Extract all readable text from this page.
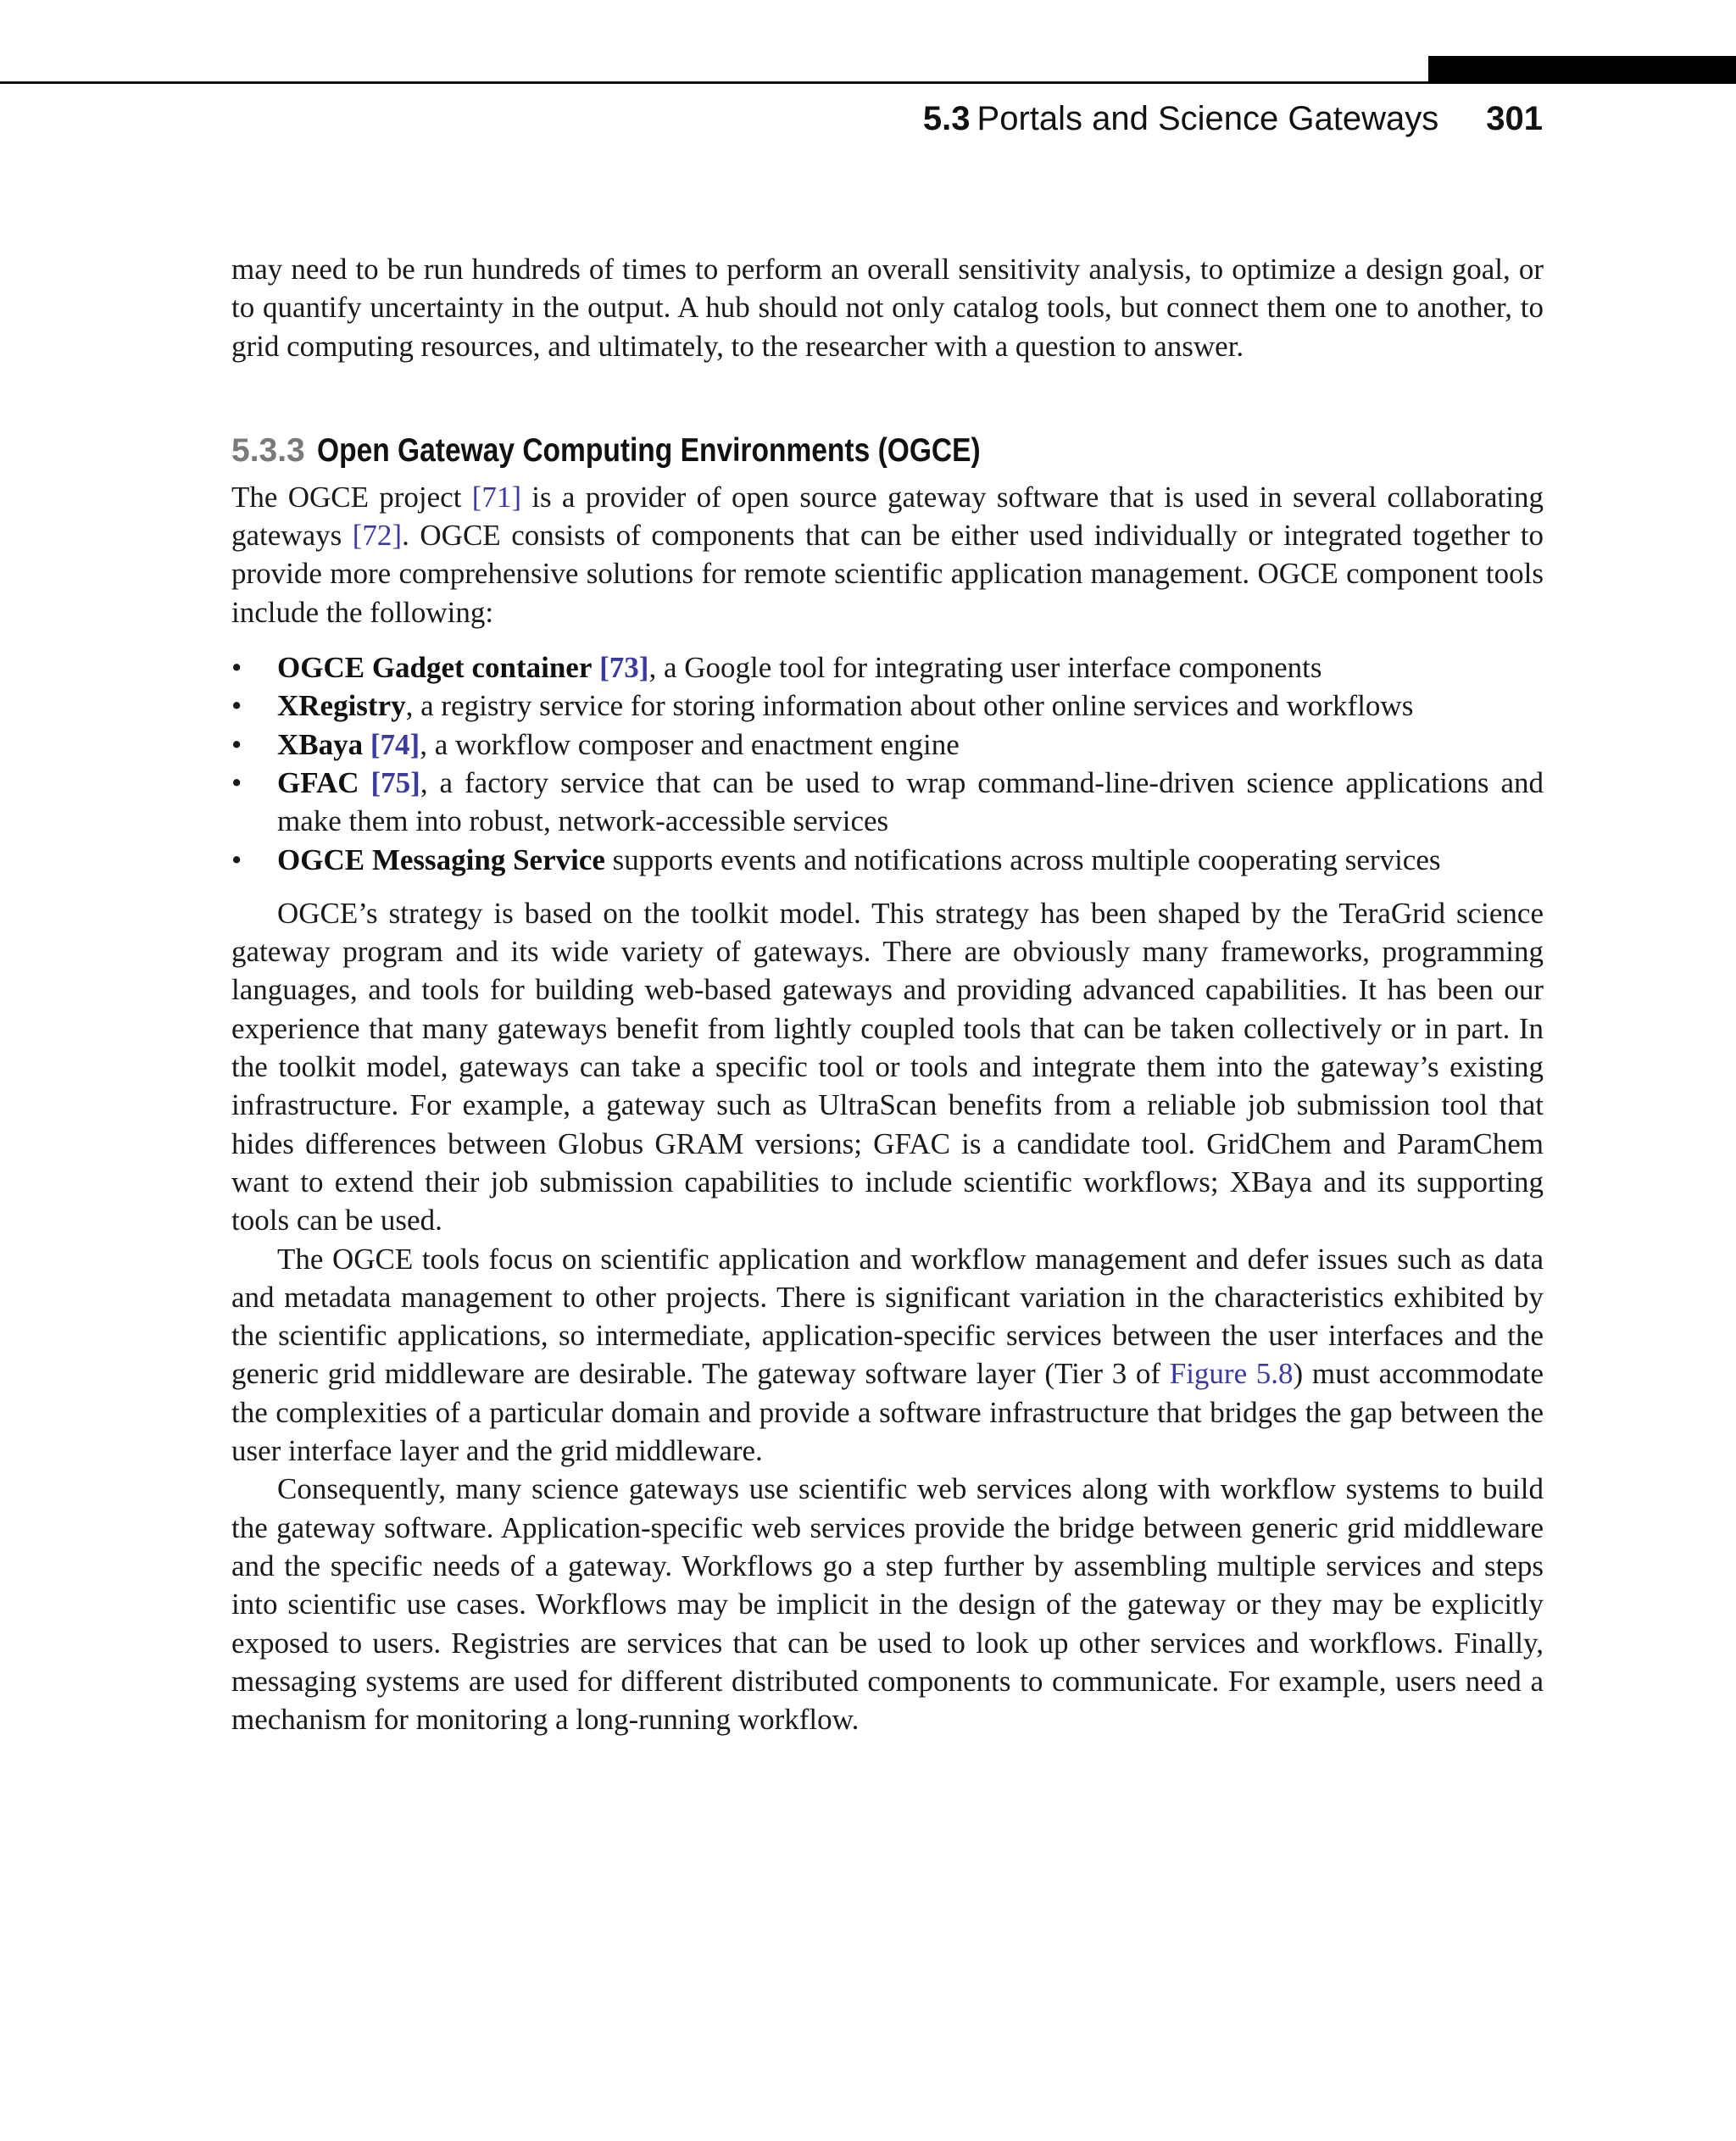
5.3 Portals and Science Gateways 301

may need to be run hundreds of times to perform an overall sensitivity analysis, to optimize a design goal, or to quantify uncertainty in the output. A hub should not only catalog tools, but connect them one to another, to grid computing resources, and ultimately, to the researcher with a question to answer.

5.3.3 Open Gateway Computing Environments (OGCE)

The OGCE project [71] is a provider of open source gateway software that is used in several collaborating gateways [72]. OGCE consists of components that can be either used individually or integrated together to provide more comprehensive solutions for remote scientific application management. OGCE component tools include the following:

• OGCE Gadget container [73], a Google tool for integrating user interface components
• XRegistry, a registry service for storing information about other online services and workflows
• XBaya [74], a workflow composer and enactment engine
• GFAC [75], a factory service that can be used to wrap command-line-driven science applications and make them into robust, network-accessible services
• OGCE Messaging Service supports events and notifications across multiple cooperating services

OGCE’s strategy is based on the toolkit model. This strategy has been shaped by the TeraGrid science gateway program and its wide variety of gateways. There are obviously many frameworks, programming languages, and tools for building web-based gateways and providing advanced capabilities. It has been our experience that many gateways benefit from lightly coupled tools that can be taken collectively or in part. In the toolkit model, gateways can take a specific tool or tools and integrate them into the gateway’s existing infrastructure. For example, a gateway such as UltraScan benefits from a reliable job submission tool that hides differences between Globus GRAM versions; GFAC is a candidate tool. GridChem and ParamChem want to extend their job submission capabilities to include scientific workflows; XBaya and its supporting tools can be used.

The OGCE tools focus on scientific application and workflow management and defer issues such as data and metadata management to other projects. There is significant variation in the characteristics exhibited by the scientific applications, so intermediate, application-specific services between the user interfaces and the generic grid middleware are desirable. The gateway software layer (Tier 3 of Figure 5.8) must accommodate the complexities of a particular domain and provide a software infrastructure that bridges the gap between the user interface layer and the grid middleware.

Consequently, many science gateways use scientific web services along with workflow systems to build the gateway software. Application-specific web services provide the bridge between generic grid middleware and the specific needs of a gateway. Workflows go a step further by assembling multiple services and steps into scientific use cases. Workflows may be implicit in the design of the gateway or they may be explicitly exposed to users. Registries are services that can be used to look up other services and workflows. Finally, messaging systems are used for different distributed components to communicate. For example, users need a mechanism for monitoring a long-running workflow.
